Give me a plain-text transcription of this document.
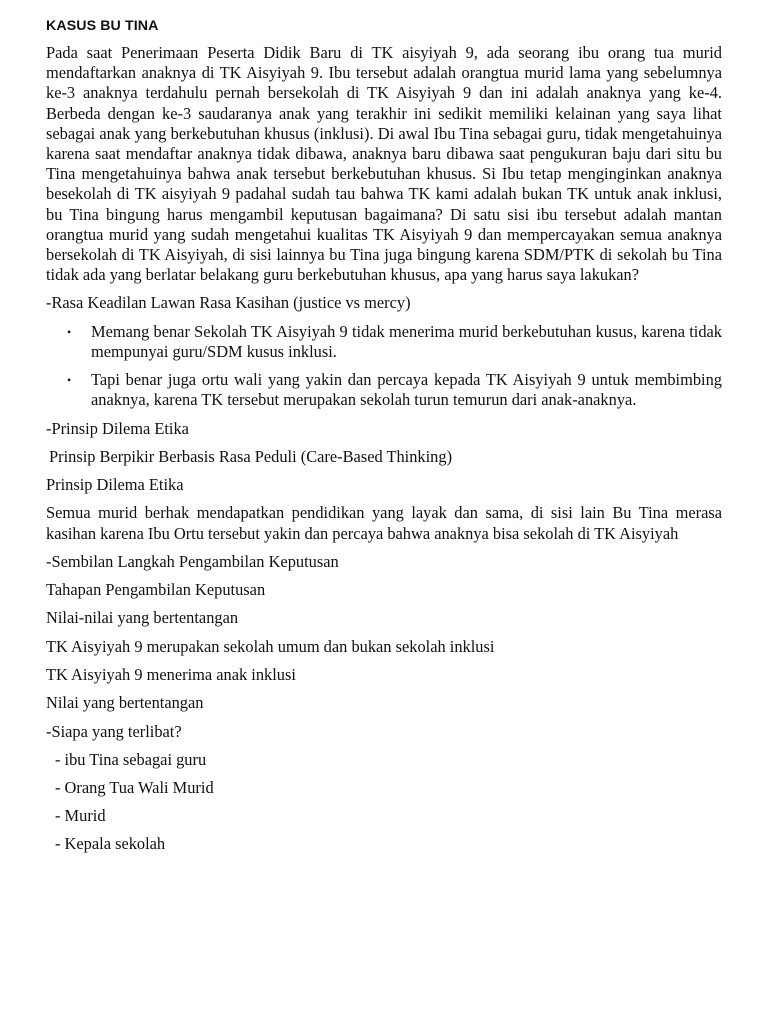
KASUS BU TINA

Pada saat Penerimaan Peserta Didik Baru di TK aisyiyah 9, ada seorang ibu orang tua murid mendaftarkan anaknya di TK Aisyiyah 9. Ibu tersebut adalah orangtua murid lama yang sebelumnya ke-3 anaknya terdahulu pernah bersekolah di TK Aisyiyah 9 dan ini adalah anaknya yang ke-4. Berbeda dengan ke-3 saudaranya anak yang terakhir ini sedikit memiliki kelainan yang saya lihat sebagai anak yang berkebutuhan khusus (inklusi). Di awal Ibu Tina sebagai guru, tidak mengetahuinya karena saat mendaftar anaknya tidak dibawa, anaknya baru dibawa saat pengukuran baju dari situ bu Tina mengetahuinya bahwa anak tersebut berkebutuhan khusus. Si Ibu tetap menginginkan anaknya besekolah di TK aisyiyah 9 padahal sudah tau bahwa TK kami adalah bukan TK untuk anak inklusi, bu Tina bingung harus mengambil keputusan bagaimana? Di satu sisi ibu tersebut adalah mantan orangtua murid yang sudah mengetahui kualitas TK Aisyiyah 9 dan mempercayakan semua anaknya bersekolah di TK Aisyiyah, di sisi lainnya bu Tina juga bingung karena SDM/PTK di sekolah bu Tina tidak ada yang berlatar belakang guru berkebutuhan khusus, apa yang harus saya lakukan?

-Rasa Keadilan Lawan Rasa Kasihan (justice vs mercy)
• Memang benar Sekolah TK Aisyiyah 9 tidak menerima murid berkebutuhan kusus, karena tidak mempunyai guru/SDM kusus inklusi.
• Tapi benar juga ortu wali yang yakin dan percaya kepada TK Aisyiyah 9 untuk membimbing anaknya, karena TK tersebut merupakan sekolah turun temurun dari anak-anaknya.
-Prinsip Dilema Etika
Prinsip Berpikir Berbasis Rasa Peduli (Care-Based Thinking)
Prinsip Dilema Etika

Semua murid berhak mendapatkan pendidikan yang layak dan sama, di sisi lain Bu Tina merasa kasihan karena Ibu Ortu tersebut yakin dan percaya bahwa anaknya bisa sekolah di TK Aisyiyah

-Sembilan Langkah Pengambilan Keputusan
Tahapan Pengambilan Keputusan
Nilai-nilai yang bertentangan
TK Aisyiyah 9 merupakan sekolah umum dan bukan sekolah inklusi
TK Aisyiyah 9 menerima anak inklusi
Nilai yang bertentangan
-Siapa yang terlibat?
- ibu Tina sebagai guru
- Orang Tua Wali Murid
- Murid
- Kepala sekolah
